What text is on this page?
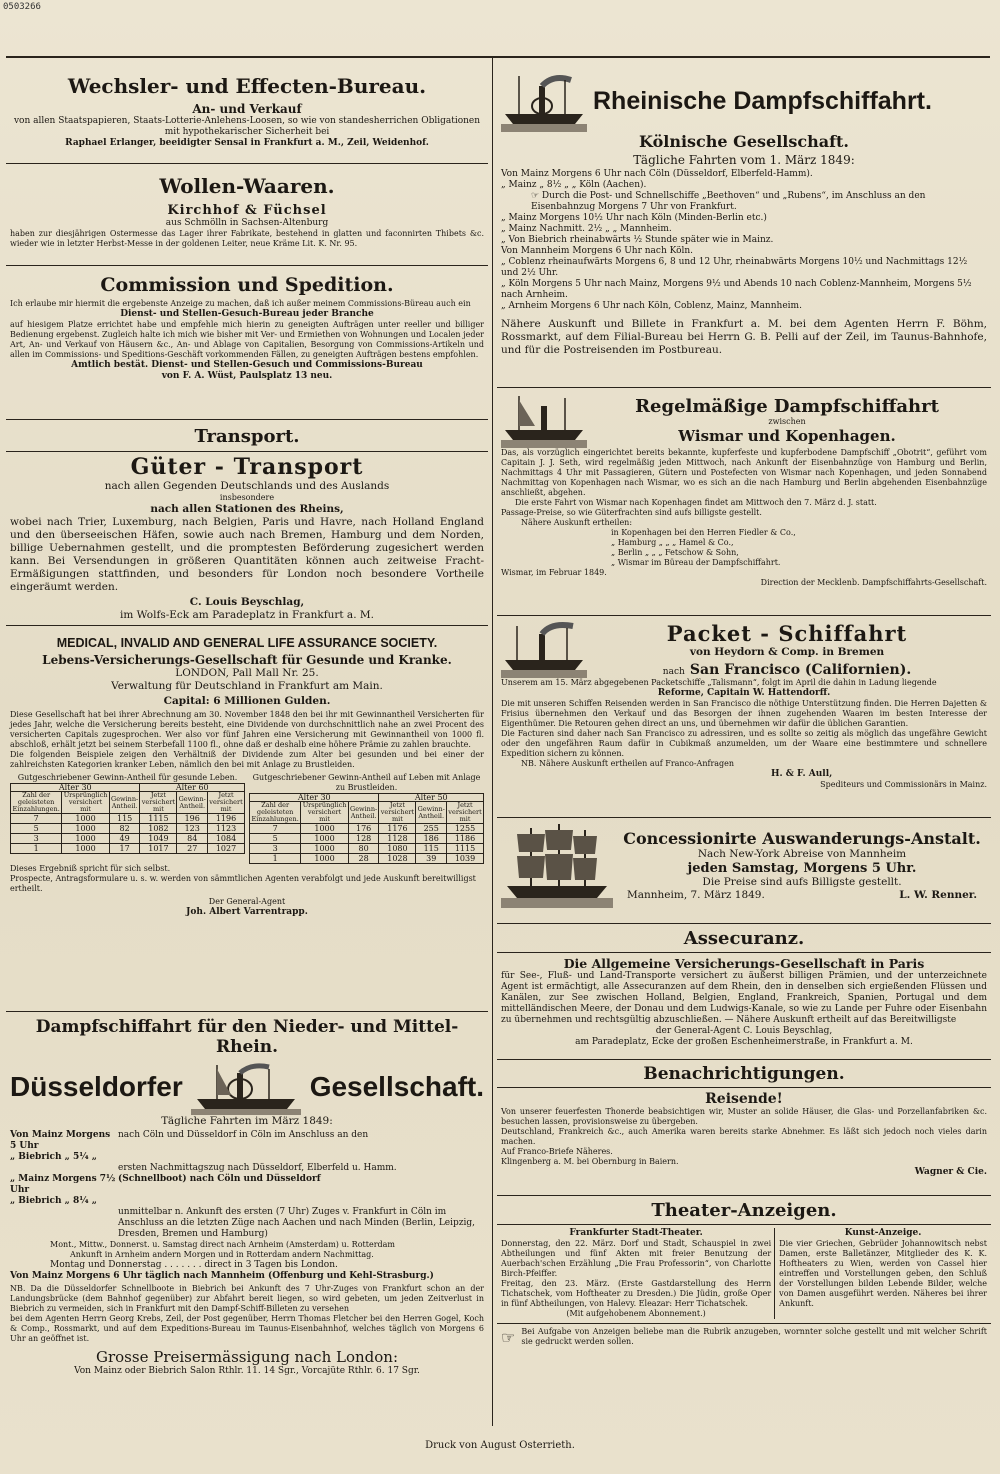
0503266
Wechsler- und Effecten-Bureau.
An- und Verkauf
von allen Staatspapieren, Staats-Lotterie-Anlehens-Loosen, so wie von standesherrichen Obligationen mit hypothekarischer Sicherheit bei
Raphael Erlanger, beeidigter Sensal in Frankfurt a. M., Zeil, Weidenhof.
Wollen-Waaren.
Kirchhof & Füchsel
aus Schmölln in Sachsen-Altenburg
haben zur diesjährigen Ostermesse das Lager ihrer Fabrikate, bestehend in glatten und faconnirten Thibets &c. wieder wie in letzter Herbst-Messe in der goldenen Leiter, neue Kräme Lit. K. Nr. 95.
Commission und Spedition.
Ich erlaube mir hiermit die ergebenste Anzeige zu machen, daß ich außer meinem Commissions-Büreau auch ein
Dienst- und Stellen-Gesuch-Bureau jeder Branche
auf hiesigem Platze errichtet habe und empfehle mich hierin zu geneigten Aufträgen unter reeller und billiger Bedienung ergebenst. Zugleich halte ich mich wie bisher mit Ver- und Ermiethen von Wohnungen und Localen jeder Art, An- und Verkauf von Häusern &c., An- und Ablage von Capitalien, Besorgung von Commissions-Artikeln und allen im Commissions- und Speditions-Geschäft vorkommenden Fällen, zu geneigten Aufträgen bestens empfohlen.
Amtlich bestät. Dienst- und Stellen-Gesuch und Commissions-Bureau
von F. A. Wüst, Paulsplatz 13 neu.
Transport.
Güter - Transport
nach allen Gegenden Deutschlands und des Auslands
insbesondere
nach allen Stationen des Rheins,
wobei nach Trier, Luxemburg, nach Belgien, Paris und Havre, nach Holland England und den überseeischen Häfen, sowie auch nach Bremen, Hamburg und dem Norden, billige Uebernahmen gestellt, und die promptesten Beförderung zugesichert werden kann. Bei Versendungen in größeren Quantitäten können auch zeitweise Fracht-Ermäßigungen stattfinden, und besonders für London noch besondere Vortheile eingeräumt werden.
C. Louis Beyschlag,
im Wolfs-Eck am Paradeplatz in Frankfurt a. M.
MEDICAL, INVALID AND GENERAL LIFE ASSURANCE SOCIETY.
Lebens-Versicherungs-Gesellschaft für Gesunde und Kranke.
LONDON, Pall Mall Nr. 25.
Verwaltung für Deutschland in Frankfurt am Main.
Capital: 6 Millionen Gulden.
Diese Gesellschaft hat bei ihrer Abrechnung am 30. November 1848 den bei ihr mit Gewinnantheil Versicherten für jedes Jahr, welche die Versicherung bereits besteht, eine Dividende von durchschnittlich nahe an zwei Procent des versicherten Capitals zugesprochen. Wer also vor fünf Jahren eine Versicherung mit Gewinnantheil von 1000 fl. abschloß, erhält jetzt bei seinem Sterbefall 1100 fl., ohne daß er deshalb eine höhere Prämie zu zahlen brauchte.
Die folgenden Beispiele zeigen den Verhältniß der Dividende zum Alter bei gesunden und bei einer der zahlreichsten Kategorien kranker Leben, nämlich den bei mit Anlage zu Brustleiden.
Gutgeschriebener Gewinn-Antheil für gesunde Leben.
Alter 30			Alter 60		
Zahl der geleisteten Einzahlungen.	Ursprünglich versichert mit	Gewinn-Antheil.	Jetzt versichert mit	Gewinn-Antheil.	Jetzt versichert mit
7	1000	115	1115	196	1196
5	1000	82	1082	123	1123
3	1000	49	1049	84	1084
1	1000	17	1017	27	1027
Gutgeschriebener Gewinn-Antheil auf Leben mit Anlage zu Brustleiden.
Alter 30			Alter 50		
Zahl der geleisteten Einzahlungen.	Ursprünglich versichert mit	Gewinn-Antheil.	Jetzt versichert mit	Gewinn-Antheil.	Jetzt versichert mit
7	1000	176	1176	255	1255
5	1000	128	1128	186	1186
3	1000	80	1080	115	1115
1	1000	28	1028	39	1039
Dieses Ergebniß spricht für sich selbst.
Prospecte, Antragsformulare u. s. w. werden von sämmtlichen Agenten verabfolgt und jede Auskunft bereitwilligst ertheilt.
Der General-Agent
Joh. Albert Varrentrapp.
Dampfschiffahrt für den Nieder- und Mittel-Rhein.
Düsseldorfer	Gesellschaft.
Tägliche Fahrten im März 1849:
Von Mainz Morgens 5 Uhr
„ Biebrich „ 5¼ „
nach Cöln und Düsseldorf in Cöln im Anschluss an den
ersten Nachmittagszug nach Düsseldorf, Elberfeld u. Hamm.
„ Mainz Morgens 7½ Uhr
„ Biebrich „ 8¼ „
(Schnellboot) nach Cöln und Düsseldorf
unmittelbar n. Ankunft des ersten (7 Uhr) Zuges v. Frankfurt in Cöln im Anschluss an die letzten Züge nach Aachen und nach Minden (Berlin, Leipzig, Dresden, Bremen und Hamburg)
Mont., Mittw., Donnerst. u. Samstag direct nach Arnheim (Amsterdam) u. Rotterdam
Ankunft in Arnheim andern Morgen und in Rotterdam andern Nachmittag.
Montag und Donnerstag . . . . . . . direct in 3 Tagen bis London.
Von Mainz Morgens 6 Uhr täglich nach Mannheim (Offenburg und Kehl-Strasburg.)
NB. Da die Düsseldorfer Schnellboote in Biebrich bei Ankunft des 7 Uhr-Zuges von Frankfurt schon an der Landungsbrücke (dem Bahnhof gegenüber) zur Abfahrt bereit liegen, so wird gebeten, um jeden Zeitverlust in Biebrich zu vermeiden, sich in Frankfurt mit den Dampf-Schiff-Billeten zu versehen
bei dem Agenten Herrn Georg Krebs, Zeil, der Post gegenüber, Herrn Thomas Fletcher bei den Herren Gogel, Koch & Comp., Rossmarkt, und auf dem Expeditions-Bureau im Taunus-Eisenbahnhof, welches täglich von Morgens 6 Uhr an geöffnet ist.
Grosse Preisermässigung nach London:
Von Mainz oder Biebrich Salon Rthlr. 11. 14 Sgr., Vorcajüte Rthlr. 6. 17 Sgr.
Rheinische Dampfschiffahrt.
Kölnische Gesellschaft.
Tägliche Fahrten vom 1. März 1849:
Von Mainz Morgens 6 Uhr nach Cöln (Düsseldorf, Elberfeld-Hamm).
„ Mainz „ 8½ „ „ Köln (Aachen).
☞ Durch die Post- und Schnellschiffe „Beethoven“ und „Rubens“, im Anschluss an den Eisenbahnzug Morgens 7 Uhr von Frankfurt.
„ Mainz Morgens 10½ Uhr nach Köln (Minden-Berlin etc.)
„ Mainz Nachmitt. 2½ „ „ Mannheim.
„ Von Biebrich rheinabwärts ½ Stunde später wie in Mainz.
Von Mannheim Morgens 6 Uhr nach Köln.
„ Coblenz rheinaufwärts Morgens 6, 8 und 12 Uhr, rheinabwärts Morgens 10½ und Nachmittags 12½ und 2½ Uhr.
„ Köln Morgens 5 Uhr nach Mainz, Morgens 9½ und Abends 10 nach Coblenz-Mannheim, Morgens 5½ nach Arnheim.
„ Arnheim Morgens 6 Uhr nach Köln, Coblenz, Mainz, Mannheim.
Nähere Auskunft und Billete in Frankfurt a. M. bei dem Agenten Herrn F. Böhm, Rossmarkt, auf dem Filial-Bureau bei Herrn G. B. Pelli auf der Zeil, im Taunus-Bahnhofe, und für die Postreisenden im Postbureau.
Regelmäßige Dampfschiffahrt
zwischen
Wismar und Kopenhagen.
Das, als vorzüglich eingerichtet bereits bekannte, kupferfeste und kupferbodene Dampfschiff „Obotrit“, geführt vom Capitain J. J. Seth, wird regelmäßig jeden Mittwoch, nach Ankunft der Eisenbahnzüge von Hamburg und Berlin, Nachmittags 4 Uhr mit Passagieren, Gütern und Postefecten von Wismar nach Kopenhagen, und jeden Sonnabend Nachmittag von Kopenhagen nach Wismar, wo es sich an die nach Hamburg und Berlin abgehenden Eisenbahnzüge anschließt, abgehen.
Die erste Fahrt von Wismar nach Kopenhagen findet am Mittwoch den 7. März d. J. statt.
Passage-Preise, so wie Güterfrachten sind aufs billigste gestellt.
Nähere Auskunft ertheilen:
in Kopenhagen bei den Herren Fiedler & Co.,
„ Hamburg „ „ „ Hamel & Co.,
„ Berlin „ „ „ Fetschow & Sohn,
„ Wismar im Büreau der Dampfschiffahrt.
Wismar, im Februar 1849.
Direction der Mecklenb. Dampfschiffahrts-Gesellschaft.
Packet - Schiffahrt
von Heydorn & Comp. in Bremen
nach San Francisco (Californien).
Unserem am 15. März abgegebenen Packetschiffe „Talismann“, folgt im April die dahin in Ladung liegende
Reforme, Capitain W. Hattendorff.
Die mit unseren Schiffen Reisenden werden in San Francisco die nöthige Unterstützung finden. Die Herren Dajetten & Frisius übernehmen den Verkauf und das Besorgen der ihnen zugehenden Waaren im besten Interesse der Eigenthümer. Die Retouren gehen direct an uns, und übernehmen wir dafür die üblichen Garantien.
Die Facturen sind daher nach San Francisco zu adressiren, und es sollte so zeitig als möglich das ungefähre Gewicht oder den ungefähren Raum dafür in Cubikmaß anzumelden, um der Waare eine bestimmtere und schnellere Expedition sichern zu können.
NB. Nähere Auskunft ertheilen auf Franco-Anfragen
H. & F. Aull,
Spediteurs und Commissionärs in Mainz.
Concessionirte Auswanderungs-Anstalt.
Nach New-York Abreise von Mannheim
jeden Samstag, Morgens 5 Uhr.
Die Preise sind aufs Billigste gestellt.
Mannheim, 7. März 1849.	L. W. Renner.
Assecuranz.
Die Allgemeine Versicherungs-Gesellschaft in Paris
für See-, Fluß- und Land-Transporte versichert zu äußerst billigen Prämien, und der unterzeichnete Agent ist ermächtigt, alle Assecuranzen auf dem Rhein, den in denselben sich ergießenden Flüssen und Kanälen, zur See zwischen Holland, Belgien, England, Frankreich, Spanien, Portugal und dem mittelländischen Meere, der Donau und dem Ludwigs-Kanale, so wie zu Lande per Fuhre oder Eisenbahn zu übernehmen und rechtsgültig abzuschließen. — Nähere Auskunft ertheilt auf das Bereitwilligste
der General-Agent C. Louis Beyschlag,
am Paradeplatz, Ecke der großen Eschenheimerstraße, in Frankfurt a. M.
Benachrichtigungen.
Reisende!
Von unserer feuerfesten Thonerde beabsichtigen wir, Muster an solide Häuser, die Glas- und Porzellanfabriken &c. besuchen lassen, provisionsweise zu übergeben.
Deutschland, Frankreich &c., auch Amerika waren bereits starke Abnehmer. Es läßt sich jedoch noch vieles darin machen.
Auf Franco-Briefe Näheres.
Klingenberg a. M. bei Obernburg in Baiern.
Wagner & Cie.
Theater-Anzeigen.
Frankfurter Stadt-Theater.
Donnerstag, den 22. März. Dorf und Stadt, Schauspiel in zwei Abtheilungen und fünf Akten mit freier Benutzung der Auerbach'schen Erzählung „Die Frau Professorin“, von Charlotte Birch-Pfeiffer.
Freitag, den 23. März. (Erste Gastdarstellung des Herrn Tichatschek, vom Hoftheater zu Dresden.) Die Jüdin, große Oper in fünf Abtheilungen, von Halevy. Eleazar: Herr Tichatschek.
(Mit aufgehobenem Abonnement.)
Kunst-Anzeige.
Die vier Griechen, Gebrüder Johannowitsch nebst Damen, erste Balletänzer, Mitglieder des K. K. Hoftheaters zu Wien, werden von Cassel hier eintreffen und Vorstellungen geben, den Schluß der Vorstellungen bilden Lebende Bilder, welche von Damen ausgeführt werden. Näheres bei ihrer Ankunft.
☞ Bei Aufgabe von Anzeigen beliebe man die Rubrik anzugeben, wornnter solche gestellt und mit welcher Schrift sie gedruckt werden sollen.
Druck von August Osterrieth.
